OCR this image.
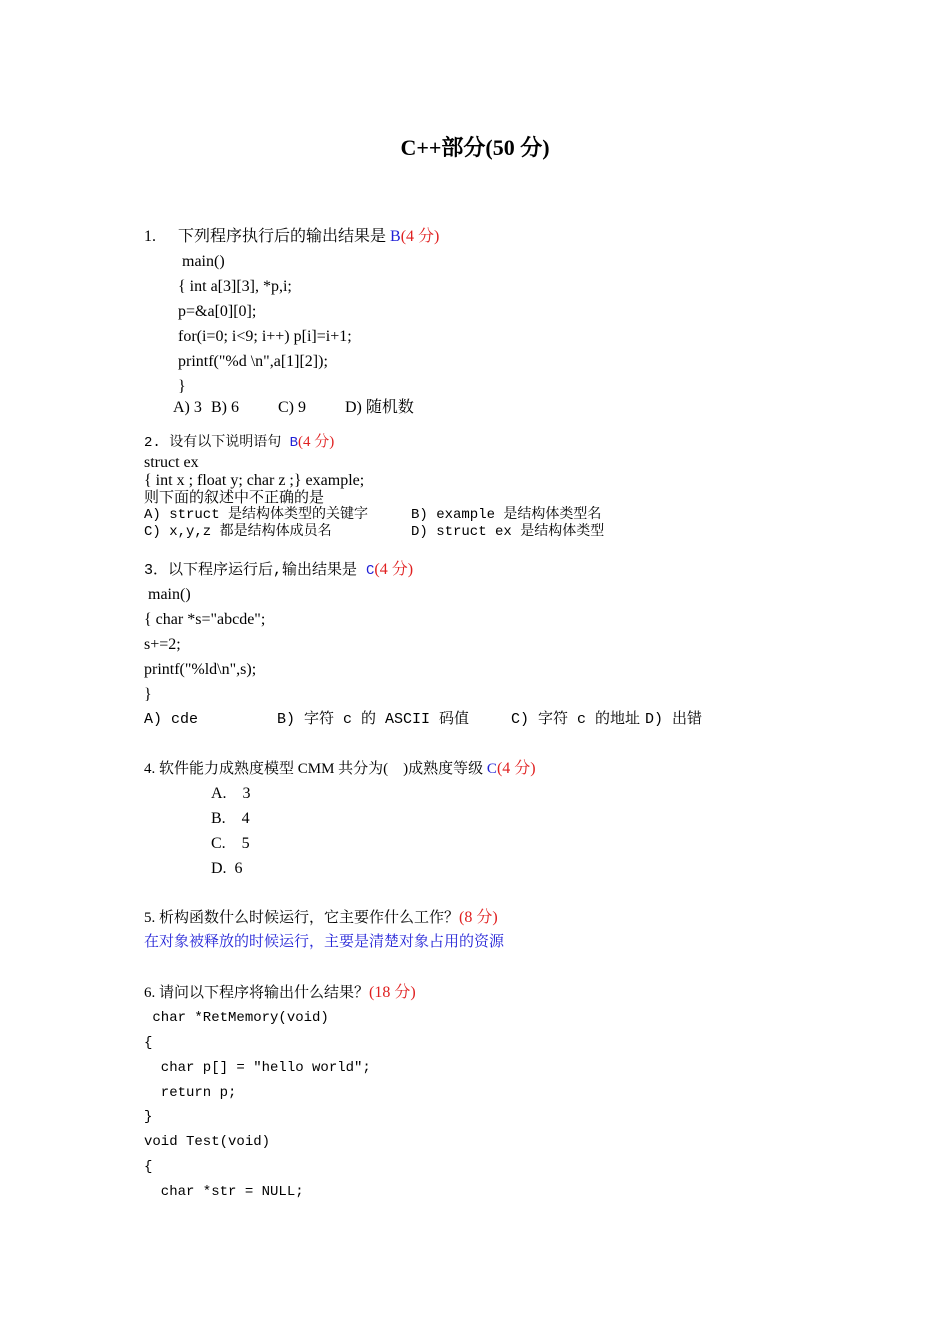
C++部分(50 分)
1. 下列程序执行后的输出结果是 B(4 分)
main()
{ int a[3][3], *p,i;
p=&a[0][0];
for(i=0; i<9; i++) p[i]=i+1;
printf("%d \n",a[1][2]);
}
A) 3 B) 6 C) 9 D) 随机数
2. 设有以下说明语句 B(4 分)
struct ex
{ int x ; float y; char z ;} example;
则下面的叙述中不正确的是
A) struct 是结构体类型的关键字	B) example 是结构体类型名
C) x,y,z 都是结构体成员名	D) struct ex 是结构体类型
3．以下程序运行后,输出结果是 C(4 分)
main()
{ char *s="abcde";
s+=2;
printf("%ld\n",s);
}
A) cde	B) 字符 c 的 ASCII 码值	C) 字符 c 的地址 D) 出错
4. 软件能力成熟度模型 CMM 共分为(    )成熟度等级 C(4 分)
A.    3
B.    4
C.    5
D.  6
5. 析构函数什么时候运行，它主要作什么工作？(8 分)
在对象被释放的时候运行，主要是清楚对象占用的资源
6. 请问以下程序将输出什么结果？(18 分)
char *RetMemory(void)
{
char p[] = "hello world";
return p;
}
void Test(void)
{
char *str = NULL;
